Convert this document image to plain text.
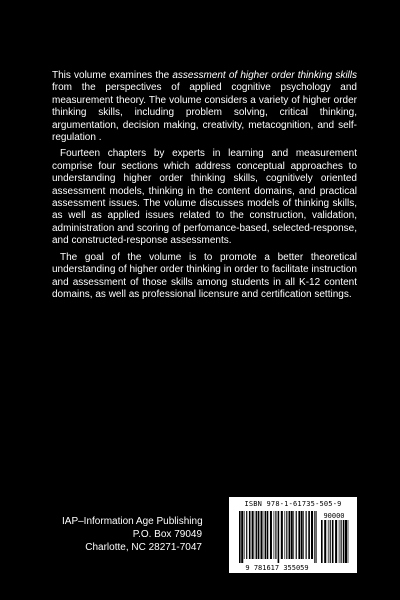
This volume examines the assessment of higher order thinking skills from the perspectives of applied cognitive psychology and measurement theory. The volume considers a variety of higher order thinking skills, including problem solving, critical thinking, argumentation, decision making, creativity, metacognition, and self-regulation .

Fourteen chapters by experts in learning and measurement comprise four sections which address conceptual approaches to understanding higher order thinking skills, cognitively oriented assessment models, thinking in the content domains, and practical assessment issues. The volume discusses models of thinking skills, as well as applied issues related to the construction, validation, administration and scoring of perfomance-based, selected-response, and constructed-response assessments.

The goal of the volume is to promote a better theoretical understanding of higher order thinking in order to facilitate instruction and assessment of those skills among students in all K-12 content domains, as well as professional licensure and certification settings.

IAP–Information Age Publishing
P.O. Box 79049
Charlotte, NC 28271-7047
ISBN 978-1-61735-505-9
90000
9 781617 355059
